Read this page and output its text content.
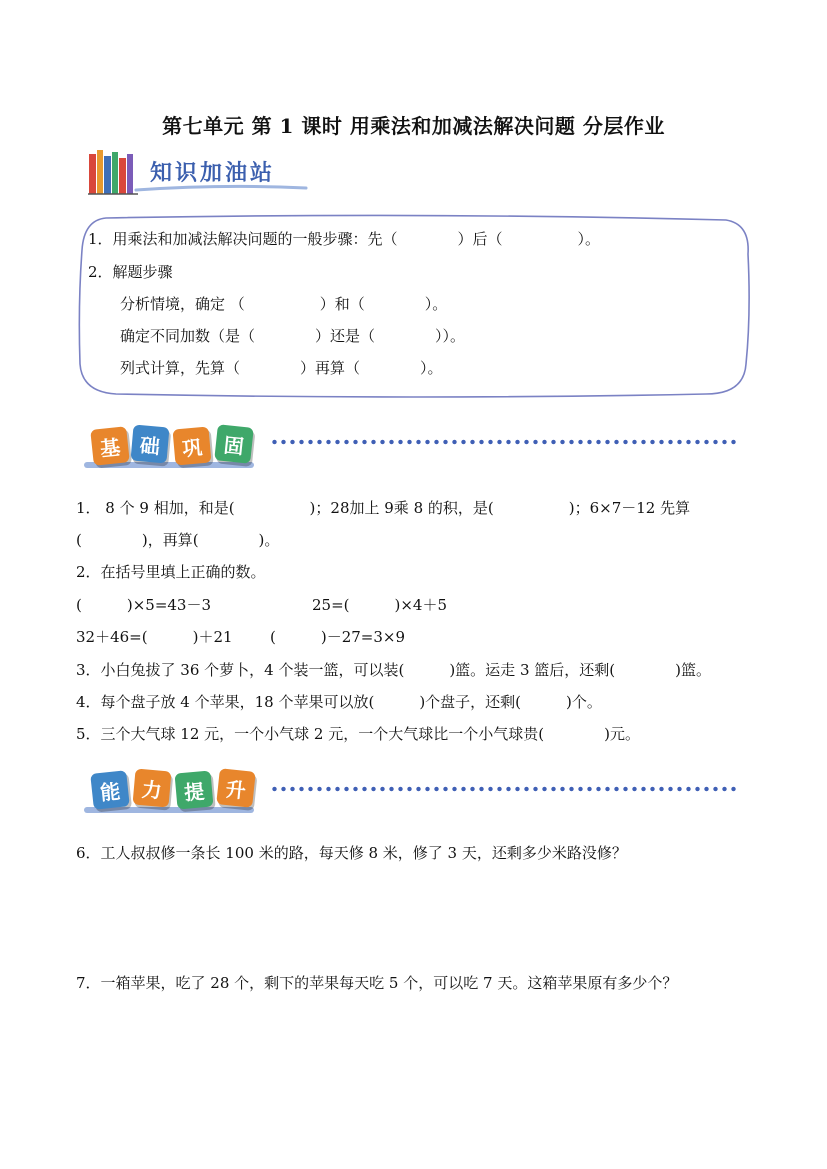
第七单元 第 1 课时 用乘法和加减法解决问题 分层作业
知识加油站
1．用乘法和加减法解决问题的一般步骤：先（　　　　）后（　　　　　）。
2．解题步骤
分析情境，确定 （　　　　　）和（　　　　）。
确定不同加数（是（　　　　）还是（　　　　））。
列式计算，先算（　　　　）再算（　　　　）。
基 础	巩 固
1． 8 个 9 相加，和是(　　　　　)；28加上 9乘 8 的积，是(　　　　　)；6×7－12 先算
(　　　　)，再算(　　　　)。
2．在括号里填上正确的数。
(　　　)×5=43－3	25=(　　　)×4＋5
32＋46=(　　　)＋21 (　　　)－27=3×9
3．小白兔拔了 36 个萝卜，4 个装一篮，可以装(　　　)篮。运走 3 篮后，还剩(　　　　)篮。
4．每个盘子放 4 个苹果，18 个苹果可以放(　　　)个盘子，还剩(　　　)个。
5．三个大气球 12 元，一个小气球 2 元，一个大气球比一个小气球贵(　　　　)元。
能 力	提 升
6．工人叔叔修一条长 100 米的路，每天修 8 米，修了 3 天，还剩多少米路没修？
7．一箱苹果，吃了 28 个，剩下的苹果每天吃 5 个，可以吃 7 天。这箱苹果原有多少个？
